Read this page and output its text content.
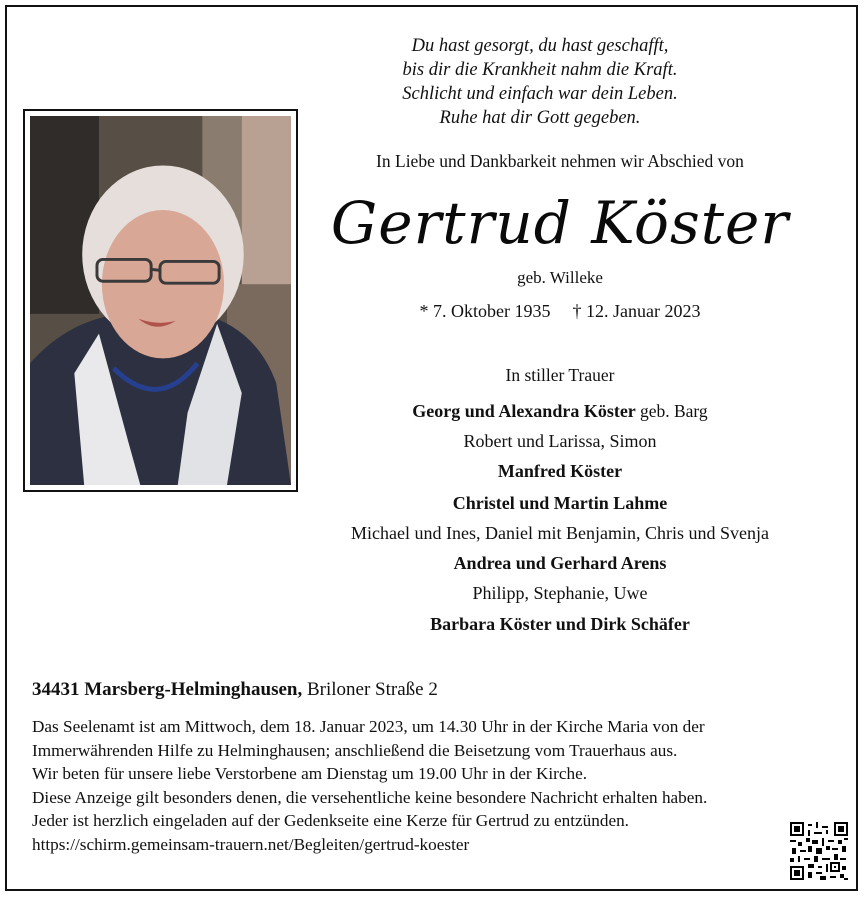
Du hast gesorgt, du hast geschafft,
bis dir die Krankheit nahm die Kraft.
Schlicht und einfach war dein Leben.
Ruhe hat dir Gott gegeben.
In Liebe und Dankbarkeit nehmen wir Abschied von
Gertrud Köster
geb. Willeke
* 7. Oktober 1935 † 12. Januar 2023
In stiller Trauer
Georg und Alexandra Köster geb. Barg
Robert und Larissa, Simon
Manfred Köster
Christel und Martin Lahme
Michael und Ines, Daniel mit Benjamin, Chris und Svenja
Andrea und Gerhard Arens
Philipp, Stephanie, Uwe
Barbara Köster und Dirk Schäfer
34431 Marsberg-Helminghausen, Briloner Straße 2
Das Seelenamt ist am Mittwoch, dem 18. Januar 2023, um 14.30 Uhr in der Kirche Maria von der
Immerwährenden Hilfe zu Helminghausen; anschließend die Beisetzung vom Trauerhaus aus.
Wir beten für unsere liebe Verstorbene am Dienstag um 19.00 Uhr in der Kirche.
Diese Anzeige gilt besonders denen, die versehentliche keine besondere Nachricht erhalten haben.
Jeder ist herzlich eingeladen auf der Gedenkseite eine Kerze für Gertrud zu entzünden.
https://schirm.gemeinsam-trauern.net/Begleiten/gertrud-koester
